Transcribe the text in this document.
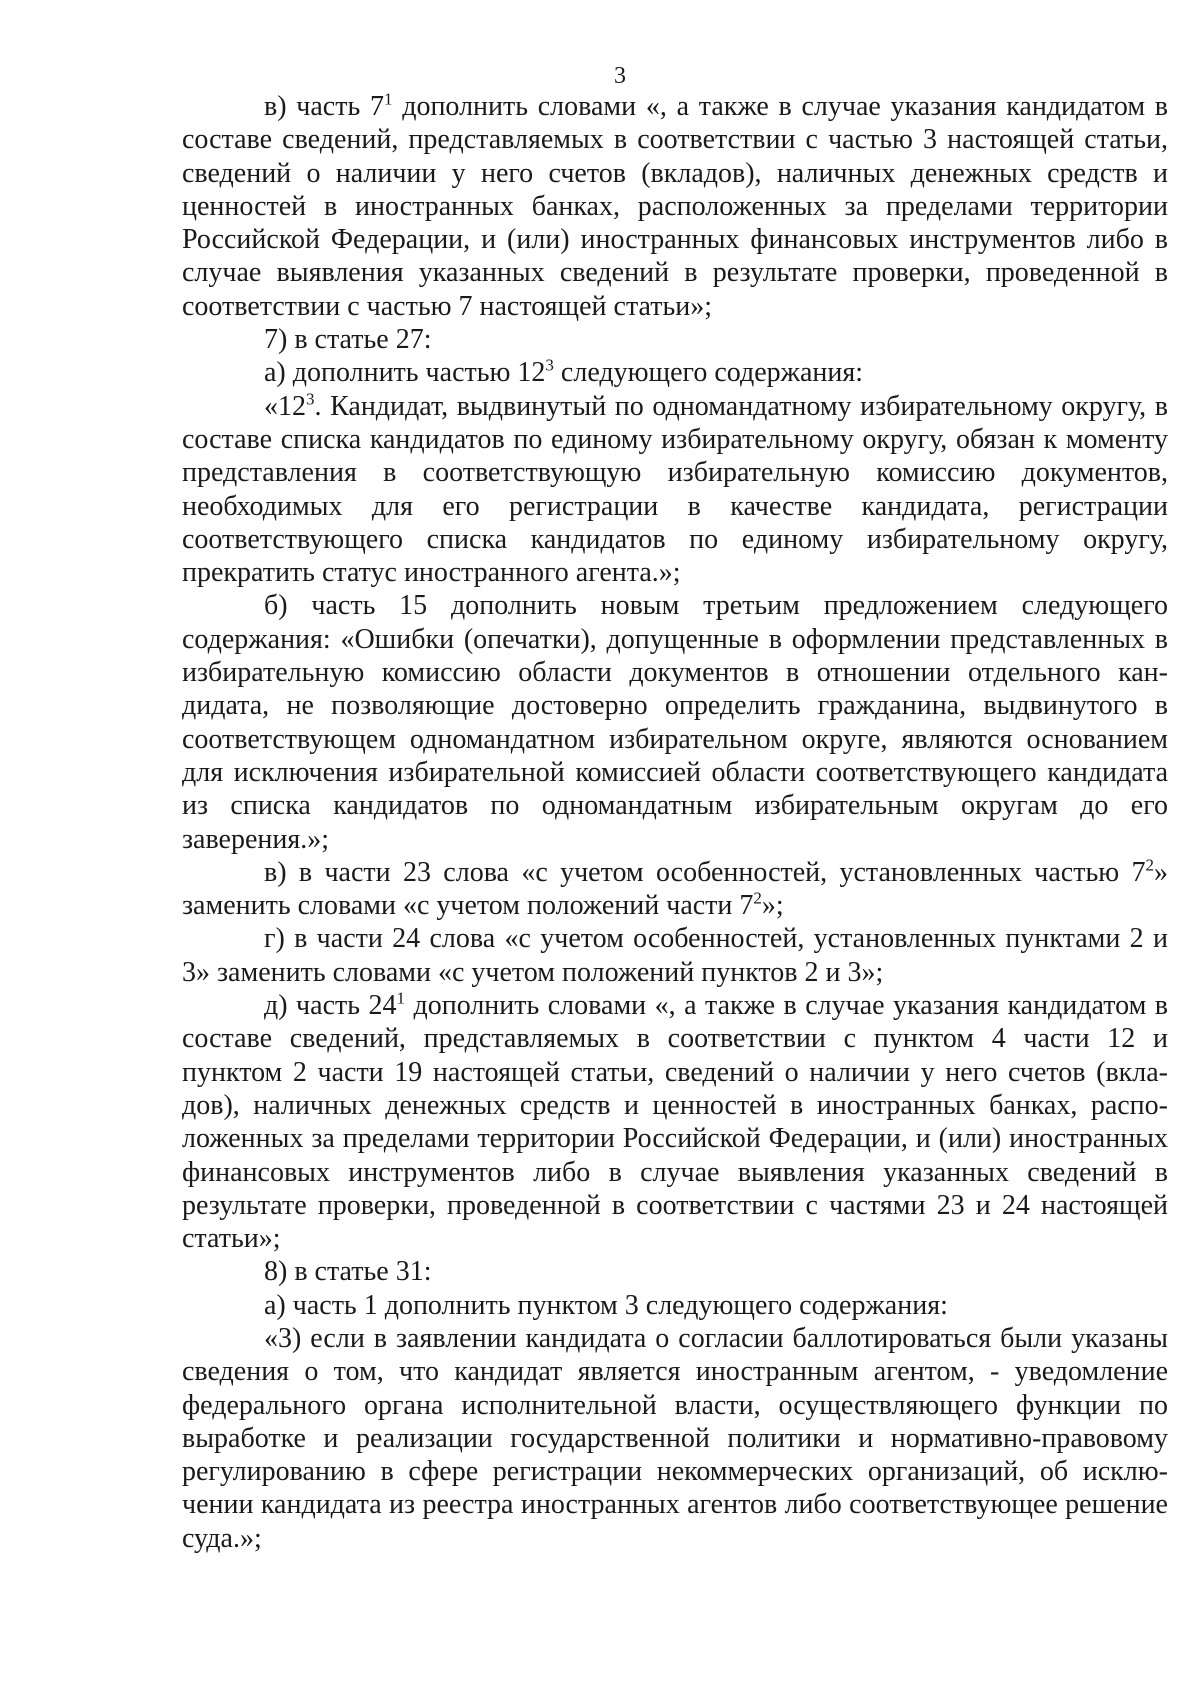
3

в) часть $7^1$ дополнить словами «, а также в случае указания кандидатом в составе сведений, представляемых в соответствии с частью 3 настоящей статьи, сведений о наличии у него счетов (вкладов), наличных денежных средств и ценностей в иностранных банках, расположенных за пределами территории Российской Федерации, и (или) иностранных финансовых инструментов либо в случае выявления указанных сведений в результате проверки, проведенной в соответствии с частью 7 настоящей статьи»;

7) в статье 27:

а) дополнить частью $12^3$ следующего содержания:

«$12^3$. Кандидат, выдвинутый по одномандатному избирательному округу, в составе списка кандидатов по единому избирательному округу, обязан к моменту представления в соответствующую избирательную комиссию документов, необходимых для его регистрации в качестве кандидата, регистрации соответствующего списка кандидатов по единому избирательному округу, прекратить статус иностранного агента.»;

б) часть 15 дополнить новым третьим предложением следующего содержания: «Ошибки (опечатки), допущенные в оформлении представленных в избирательную комиссию области документов в отношении отдельного кандидата, не позволяющие достоверно определить гражданина, выдвинутого в соответствующем одномандатном избирательном округе, являются основанием для исключения избирательной комиссией области соответствующего кандидата из списка кандидатов по одномандатным избирательным округам до его заверения.»;

в) в части 23 слова «с учетом особенностей, установленных частью $7^2$» заменить словами «с учетом положений части $7^2$»;

г) в части 24 слова «с учетом особенностей, установленных пунктами 2 и 3» заменить словами «с учетом положений пунктов 2 и 3»;

д) часть $24^1$ дополнить словами «, а также в случае указания кандидатом в составе сведений, представляемых в соответствии с пунктом 4 части 12 и пунктом 2 части 19 настоящей статьи, сведений о наличии у него счетов (вкладов), наличных денежных средств и ценностей в иностранных банках, расположенных за пределами территории Российской Федерации, и (или) иностранных финансовых инструментов либо в случае выявления указанных сведений в результате проверки, проведенной в соответствии с частями 23 и 24 настоящей статьи»;

8) в статье 31:

а) часть 1 дополнить пунктом 3 следующего содержания:

«3) если в заявлении кандидата о согласии баллотироваться были указаны сведения о том, что кандидат является иностранным агентом, - уведомление федерального органа исполнительной власти, осуществляющего функции по выработке и реализации государственной политики и нормативно-правовому регулированию в сфере регистрации некоммерческих организаций, об исключении кандидата из реестра иностранных агентов либо соответствующее решение суда.»;
